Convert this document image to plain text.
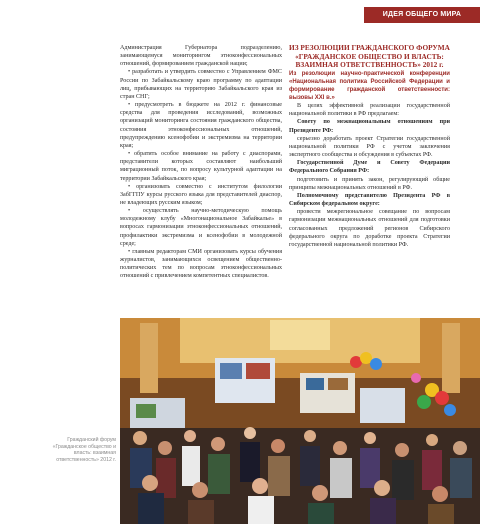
ИДЕЯ ОБЩЕГО МИРА

Администрация Губернатора подразделению, занимающемуся мониторингом этноконфессиональных отношений, формированием гражданской нации;

• разработать и утвердить совместно с Управлением ФМС России по Забайкальскому краю программу по адаптации лиц, прибывающих на территорию Забайкальского края из стран СНГ;

• предусмотреть в бюджете на 2012 г. финансовые средства для проведения исследований, возможных организаций мониторинга состояния гражданского общества, состояния этноконфессиональных отношений, предупреждению ксенофобии и экстремизма на территории края;

• обратить особое внимание на работу с диаспорами, представители которых составляют наибольший миграционный поток, по вопросу культурной адаптации на территории Забайкальского края;

• организовать совместно с институтом филологии ЗабГГПУ курсы русского языка для представителей диаспор, не владеющих русским языком;

• осуществлять научно-методическую помощь молодежному клубу «Многонациональное Забайкалье» в вопросах гармонизации этноконфессиональных отношений, профилактики экстремизма и ксенофобии в молодежной среде;

• главным редакторам СМИ организовать курсы обучения журналистов, занимающихся освещением общественно-политических тем по вопросам этноконфессиональных отношений с привлечением компетентных специалистов.

ИЗ РЕЗОЛЮЦИИ ГРАЖДАНСКОГО ФОРУМА «ГРАЖДАНСКОЕ ОБЩЕСТВО И ВЛАСТЬ: ВЗАИМНАЯ ОТВЕТСТВЕННОСТЬ» 2012 г.

Из резолюции научно-практической конференции «Национальная политика Российской Федерации и формирование гражданской ответственности: вызовы XXI в.»

В целях эффективной реализации государственной национальной политики в РФ предлагаем:

Совету по межнациональным отношениям при Президенте РФ:

серьезно доработать проект Стратегии государственной национальной политики РФ с учетом заключения экспертного сообщества и обсуждения в субъектах РФ.

Государственной Думе и Совету Федерации Федерального Собрания РФ:

подготовить и принять закон, регулирующий общие принципы межнациональных отношений в РФ.

Полномочному представителю Президента РФ в Сибирском федеральном округе:

провести межрегиональное совещание по вопросам гармонизации межнациональных отношений для подготовки согласованных предложений регионов Сибирского федерального округа по доработке проекта Стратегии государственной национальной политики РФ.

Гражданский форум «Гражданское общество и власть: взаимная ответственность» 2012 г.
